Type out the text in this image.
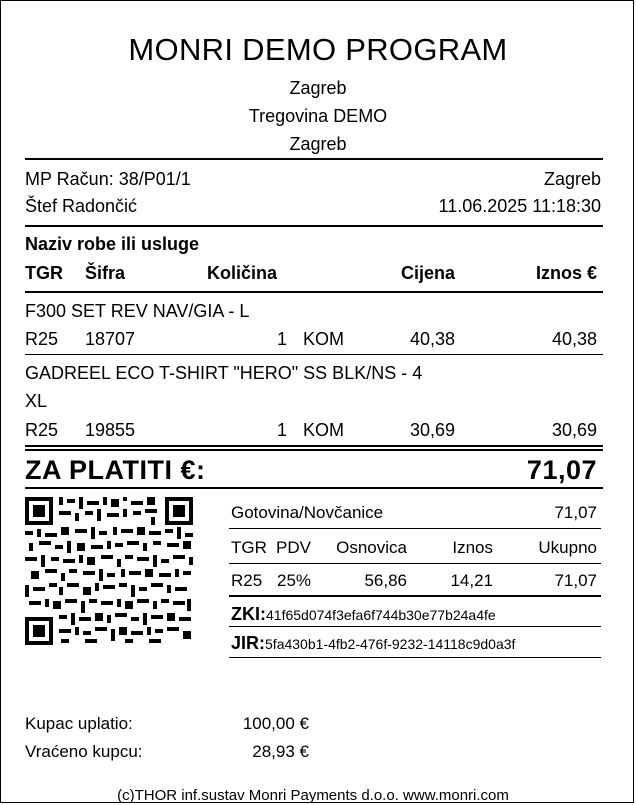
MONRI DEMO PROGRAM
Zagreb
Tregovina DEMO
Zagreb
MP Račun: 38/P01/1	Zagreb
Štef Radončić	11.06.2025 11:18:30
Naziv robe ili usluge
TGR Šifra	Količina	Cijena	Iznos €
F300 SET REV NAV/GIA - L
R25 18707	1 KOM	40,38	40,38
GADREEL ECO T-SHIRT "HERO" SS BLK/NS - 4
XL
R25 19855	1 KOM	30,69	30,69
ZA PLATITI €:	71,07
Gotovina/Novčanice	71,07
TGR PDV Osnovica	Iznos	Ukupno
R25 25%	56,86	14,21	71,07
ZKI:41f65d074f3efa6f744b30e77b24a4fe
JIR:5fa430b1-4fb2-476f-9232-14118c9d0a3f
Kupac uplatio:	100,00 €
Vraćeno kupcu:	28,93 €
(c)THOR inf.sustav Monri Payments d.o.o. www.monri.com
